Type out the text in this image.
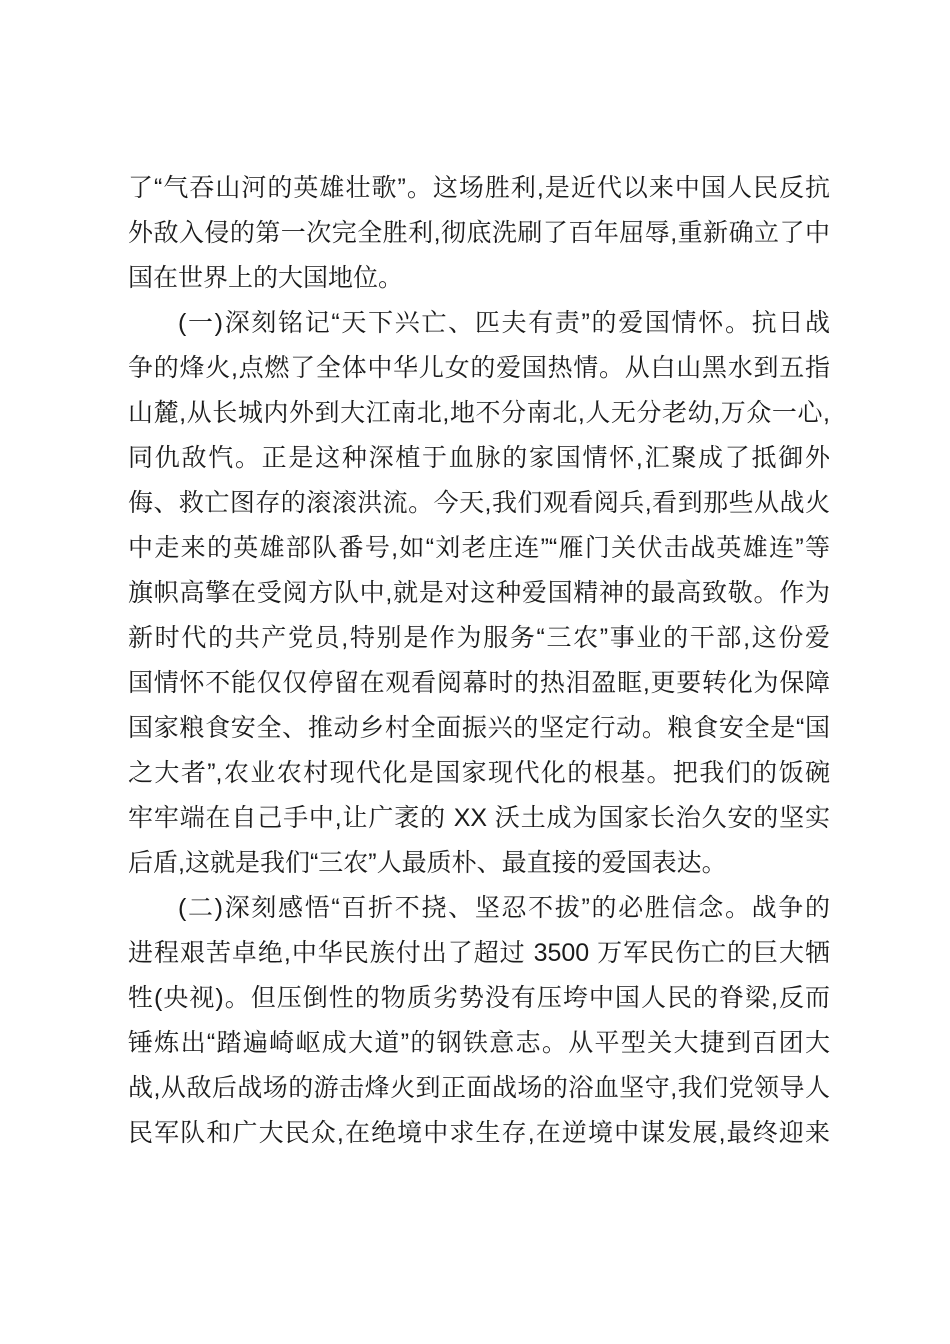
了“气吞山河的英雄壮歌”。这场胜利,是近代以来中国人民反抗
外敌入侵的第一次完全胜利,彻底洗刷了百年屈辱,重新确立了中
国在世界上的大国地位。
(一)深刻铭记“天下兴亡、匹夫有责”的爱国情怀。抗日战
争的烽火,点燃了全体中华儿女的爱国热情。从白山黑水到五指
山麓,从长城内外到大江南北,地不分南北,人无分老幼,万众一心,
同仇敌忾。正是这种深植于血脉的家国情怀,汇聚成了抵御外
侮、救亡图存的滚滚洪流。今天,我们观看阅兵,看到那些从战火
中走来的英雄部队番号,如“刘老庄连”“雁门关伏击战英雄连”等
旗帜高擎在受阅方队中,就是对这种爱国精神的最高致敬。作为
新时代的共产党员,特别是作为服务“三农”事业的干部,这份爱
国情怀不能仅仅停留在观看阅幕时的热泪盈眶,更要转化为保障
国家粮食安全、推动乡村全面振兴的坚定行动。粮食安全是“国
之大者”,农业农村现代化是国家现代化的根基。把我们的饭碗
牢牢端在自己手中,让广袤的 XX 沃土成为国家长治久安的坚实
后盾,这就是我们“三农”人最质朴、最直接的爱国表达。
(二)深刻感悟“百折不挠、坚忍不拔”的必胜信念。战争的
进程艰苦卓绝,中华民族付出了超过 3500 万军民伤亡的巨大牺
牲(央视)。但压倒性的物质劣势没有压垮中国人民的脊梁,反而
锤炼出“踏遍崎岖成大道”的钢铁意志。从平型关大捷到百团大
战,从敌后战场的游击烽火到正面战场的浴血坚守,我们党领导人
民军队和广大民众,在绝境中求生存,在逆境中谋发展,最终迎来
